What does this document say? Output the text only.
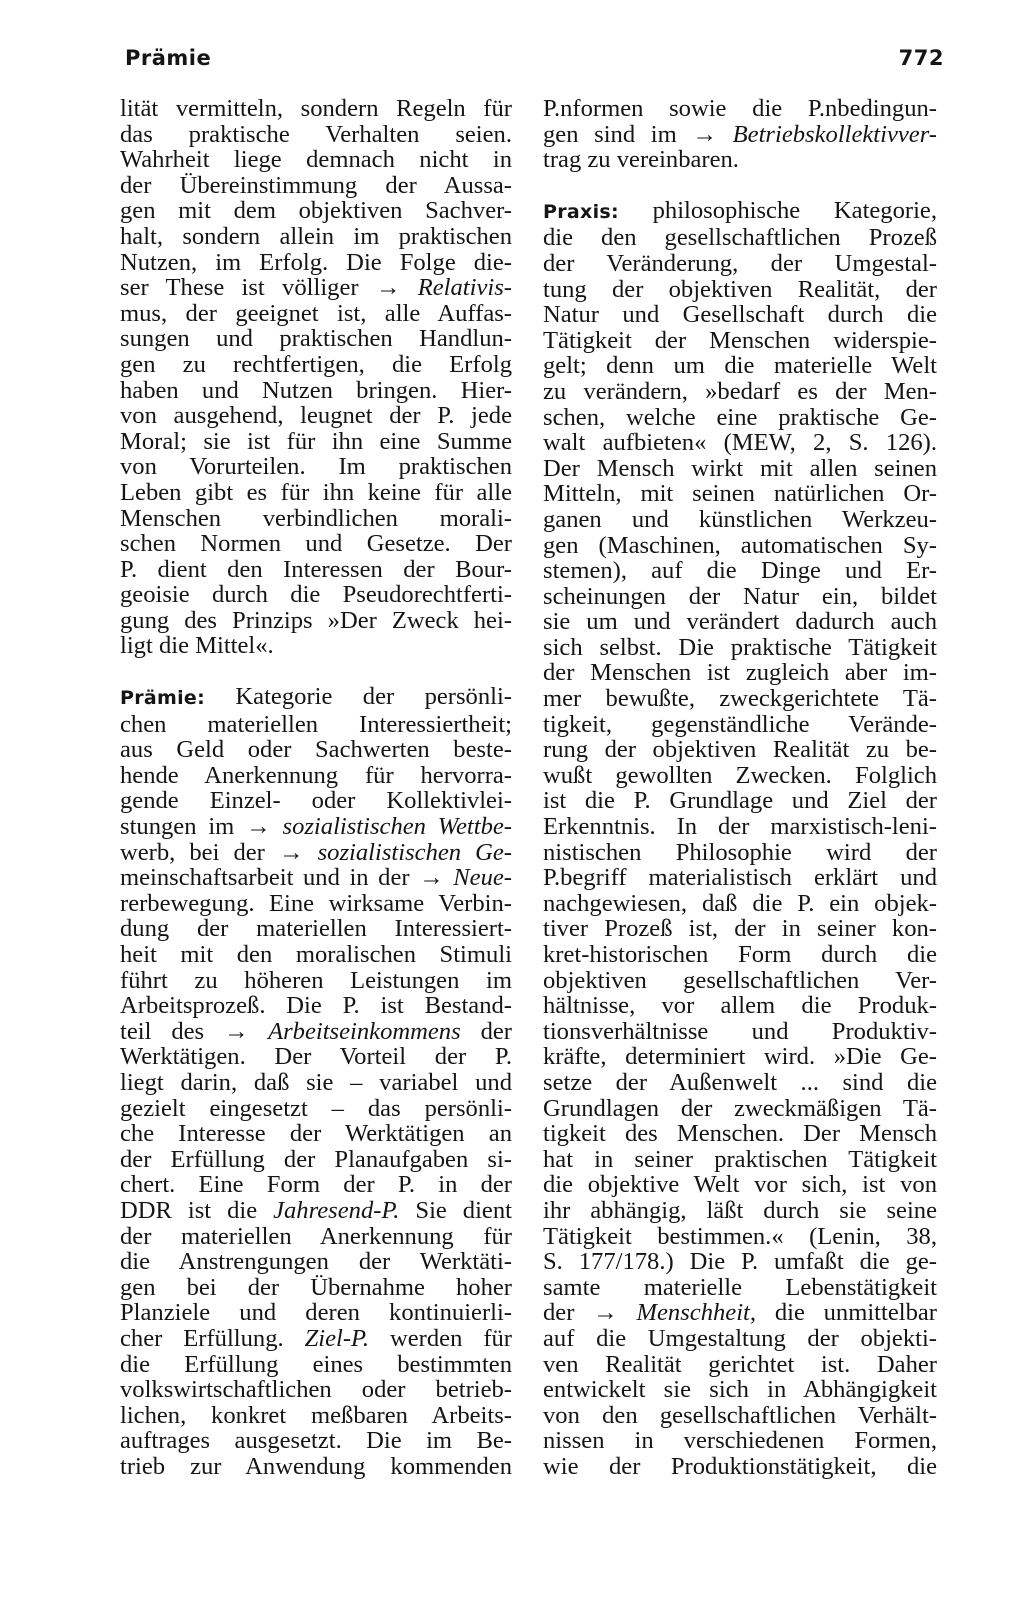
Prämie	772
lität vermitteln, sondern Regeln für
das praktische Verhalten seien.
Wahrheit liege demnach nicht in
der Übereinstimmung der Aussa-
gen mit dem objektiven Sachver-
halt, sondern allein im praktischen
Nutzen, im Erfolg. Die Folge die-
ser These ist völliger → Relativis-
mus, der geeignet ist, alle Auffas-
sungen und praktischen Handlun-
gen zu rechtfertigen, die Erfolg
haben und Nutzen bringen. Hier-
von ausgehend, leugnet der P. jede
Moral; sie ist für ihn eine Summe
von Vorurteilen. Im praktischen
Leben gibt es für ihn keine für alle
Menschen verbindlichen morali-
schen Normen und Gesetze. Der
P. dient den Interessen der Bour-
geoisie durch die Pseudorechtferti-
gung des Prinzips »Der Zweck hei-
ligt die Mittel«.
Prämie: Kategorie der persönli-
chen materiellen Interessiertheit;
aus Geld oder Sachwerten beste-
hende Anerkennung für hervorra-
gende Einzel- oder Kollektivlei-
stungen im → sozialistischen Wettbe-
werb, bei der → sozialistischen Ge-
meinschaftsarbeit und in der → Neue-
rerbewegung. Eine wirksame Verbin-
dung der materiellen Interessiert-
heit mit den moralischen Stimuli
führt zu höheren Leistungen im
Arbeitsprozeß. Die P. ist Bestand-
teil des → Arbeitseinkommens der
Werktätigen. Der Vorteil der P.
liegt darin, daß sie – variabel und
gezielt eingesetzt – das persönli-
che Interesse der Werktätigen an
der Erfüllung der Planaufgaben si-
chert. Eine Form der P. in der
DDR ist die Jahresend-P. Sie dient
der materiellen Anerkennung für
die Anstrengungen der Werktäti-
gen bei der Übernahme hoher
Planziele und deren kontinuierli-
cher Erfüllung. Ziel-P. werden für
die Erfüllung eines bestimmten
volkswirtschaftlichen oder betrieb-
lichen, konkret meßbaren Arbeits-
auftrages ausgesetzt. Die im Be-
trieb zur Anwendung kommenden
P.nformen sowie die P.nbedingun-
gen sind im → Betriebskollektivver-
trag zu vereinbaren.
Praxis: philosophische Kategorie,
die den gesellschaftlichen Prozeß
der Veränderung, der Umgestal-
tung der objektiven Realität, der
Natur und Gesellschaft durch die
Tätigkeit der Menschen widerspie-
gelt; denn um die materielle Welt
zu verändern, »bedarf es der Men-
schen, welche eine praktische Ge-
walt aufbieten« (MEW, 2, S. 126).
Der Mensch wirkt mit allen seinen
Mitteln, mit seinen natürlichen Or-
ganen und künstlichen Werkzeu-
gen (Maschinen, automatischen Sy-
stemen), auf die Dinge und Er-
scheinungen der Natur ein, bildet
sie um und verändert dadurch auch
sich selbst. Die praktische Tätigkeit
der Menschen ist zugleich aber im-
mer bewußte, zweckgerichtete Tä-
tigkeit, gegenständliche Verände-
rung der objektiven Realität zu be-
wußt gewollten Zwecken. Folglich
ist die P. Grundlage und Ziel der
Erkenntnis. In der marxistisch-leni-
nistischen Philosophie wird der
P.begriff materialistisch erklärt und
nachgewiesen, daß die P. ein objek-
tiver Prozeß ist, der in seiner kon-
kret-historischen Form durch die
objektiven gesellschaftlichen Ver-
hältnisse, vor allem die Produk-
tionsverhältnisse und Produktiv-
kräfte, determiniert wird. »Die Ge-
setze der Außenwelt ... sind die
Grundlagen der zweckmäßigen Tä-
tigkeit des Menschen. Der Mensch
hat in seiner praktischen Tätigkeit
die objektive Welt vor sich, ist von
ihr abhängig, läßt durch sie seine
Tätigkeit bestimmen.« (Lenin, 38,
S. 177/178.) Die P. umfaßt die ge-
samte materielle Lebenstätigkeit
der → Menschheit, die unmittelbar
auf die Umgestaltung der objekti-
ven Realität gerichtet ist. Daher
entwickelt sie sich in Abhängigkeit
von den gesellschaftlichen Verhält-
nissen in verschiedenen Formen,
wie der Produktionstätigkeit, die
